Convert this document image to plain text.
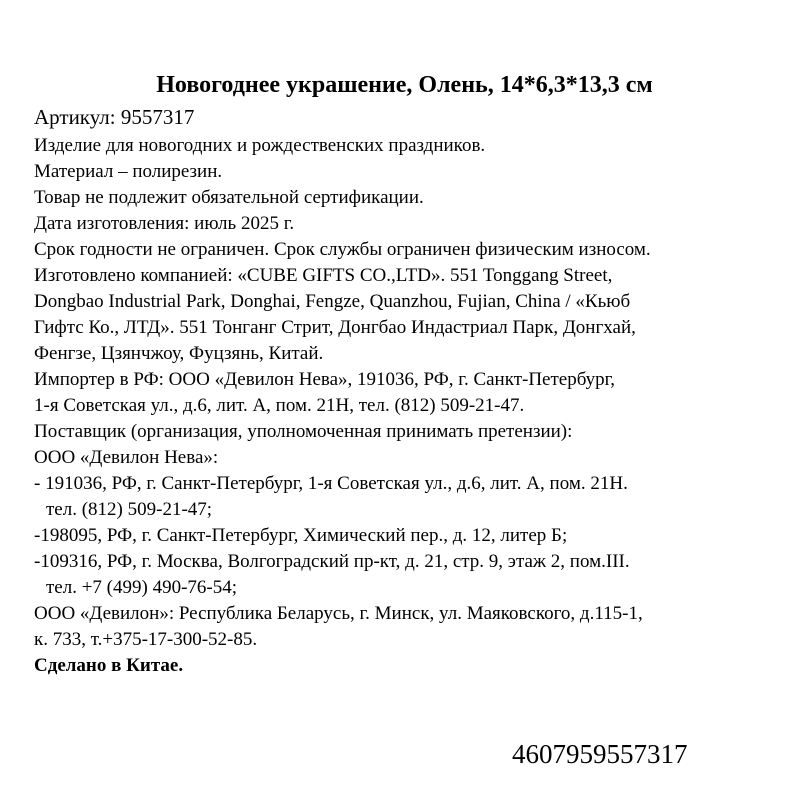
Новогоднее украшение, Олень, 14*6,3*13,3 см
Артикул: 9557317
Изделие для новогодних и рождественских праздников.
Материал – полирезин.
Товар не подлежит обязательной сертификации.
Дата изготовления: июль 2025 г.
Срок годности не ограничен. Срок службы ограничен физическим износом.
Изготовлено компанией: «CUBE GIFTS CO.,LTD». 551 Tonggang Street,
Dongbao Industrial Park, Donghai, Fengze, Quanzhou, Fujian, China / «Кьюб
Гифтс Ко., ЛТД». 551 Тонганг Стрит, Донгбао Индастриал Парк, Донгхай,
Фенгзе, Цзянчжоу, Фуцзянь, Китай.
Импортер в РФ: ООО «Девилон Нева», 191036, РФ, г. Санкт-Петербург,
1-я Советская ул., д.6, лит. А, пом. 21Н, тел. (812) 509-21-47.
Поставщик (организация, уполномоченная принимать претензии):
ООО «Девилон Нева»:
- 191036, РФ, г. Санкт-Петербург, 1-я Советская ул., д.6, лит. А, пом. 21Н.
тел. (812) 509-21-47;
-198095, РФ, г. Санкт-Петербург, Химический пер., д. 12, литер Б;
-109316, РФ, г. Москва, Волгоградский пр-кт, д. 21, стр. 9, этаж 2, пом.III.
тел. +7 (499) 490-76-54;
ООО «Девилон»: Республика Беларусь, г. Минск, ул. Маяковского, д.115-1,
к. 733, т.+375-17-300-52-85.
Сделано в Китае.
4607959557317
